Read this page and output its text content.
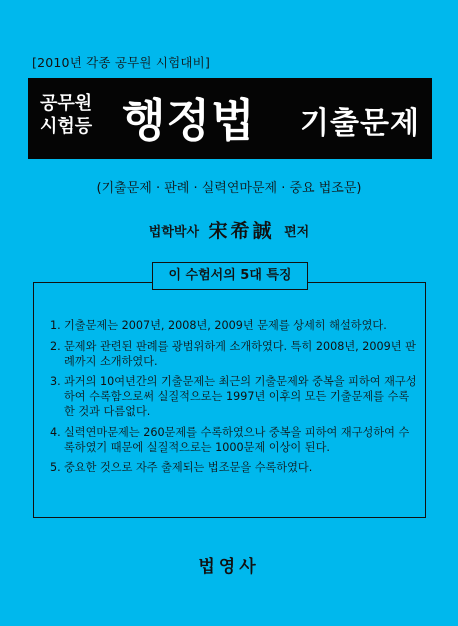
[2010년 각종 공무원 시험대비]
공무원
시험등 행정법 기출문제
(기출문제 · 판례 · 실력연마문제 · 중요 법조문)
법학박사 宋希誠 편저
이 수험서의 5대 특징
1. 기출문제는 2007년, 2008년, 2009년 문제를 상세히 해설하였다.
2. 문제와 관련된 판례를 광범위하게 소개하였다. 특히 2008년, 2009년 판례까지 소개하였다.
3. 과거의 10여년간의 기출문제는 최근의 기출문제와 중복을 피하여 재구성하여 수록함으로써 실질적으로는 1997년 이후의 모든 기출문제를 수록한 것과 다름없다.
4. 실력연마문제는 260문제를 수록하였으나 중복을 피하여 재구성하여 수록하였기 때문에 실질적으로는 1000문제 이상이 된다.
5. 중요한 것으로 자주 출제되는 법조문을 수록하였다.
법영사
